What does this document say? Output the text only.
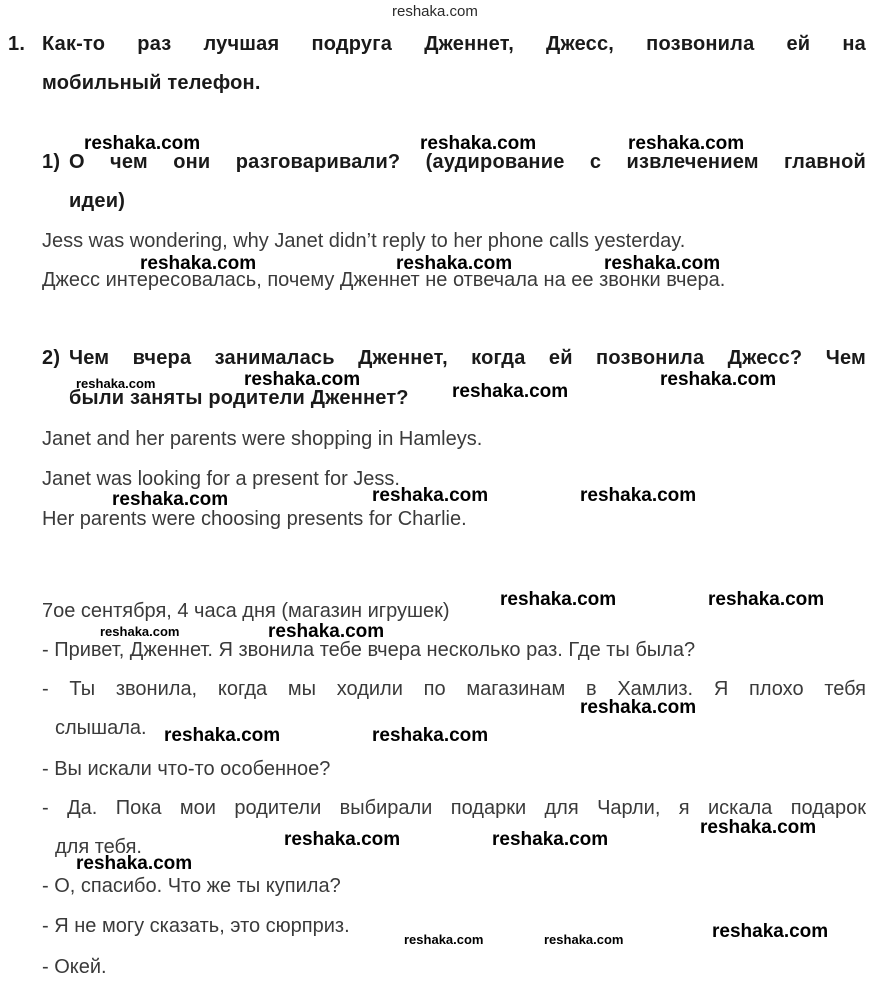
reshaka.com
1. Как-то раз лучшая подруга Дженнет, Джесс, позвонила ей на
мобильный телефон.
reshaka.com	reshaka.com	reshaka.com
1) О чем они разговаривали? (аудирование с извлечением главной
идеи)
Jess was wondering, why Janet didn’t reply to her phone calls yesterday.
reshaka.com	reshaka.com	reshaka.com
Джесс интересовалась, почему Дженнет не отвечала на ее звонки вчера.
2) Чем вчера занималась Дженнет, когда ей позвонила Джесс? Чем
reshaka.com	reshaka.com	reshaka.com
были заняты родители Дженнет? reshaka.com
Janet and her parents were shopping in Hamleys.
Janet was looking for a present for Jess.
reshaka.com	reshaka.com	reshaka.com
Her parents were choosing presents for Charlie.
7ое сентября, 4 часа дня (магазин игрушек)
reshaka.com	reshaka.com
reshaka.com	reshaka.com
- Привет, Дженнет. Я звонила тебе вчера несколько раз. Где ты была?
- Ты звонила, когда мы ходили по магазинам в Хамлиз. Я плохо тебя
reshaka.com
слышала. reshaka.com	reshaka.com
- Вы искали что-то особенное?
- Да. Пока мои родители выбирали подарки для Чарли, я искала подарок
reshaka.com
для тебя.	reshaka.com	reshaka.com
reshaka.com
- О, спасибо. Что же ты купила?
- Я не могу сказать, это сюрприз.
reshaka.com	reshaka.com	reshaka.com
- Окей.
